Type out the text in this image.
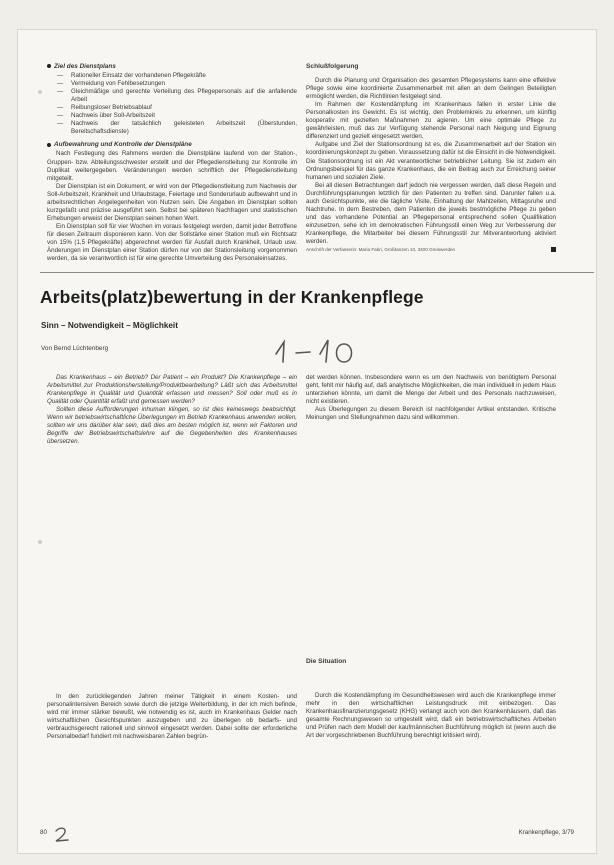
Ziel des Dienstplans
— Rationeller Einsatz der vorhandenen Pflegekräfte
— Vermeidung von Fehlbesetzungen
— Gleichmäßige und gerechte Verteilung des Pflegepersonals auf die anfallende Arbeit
— Reibungsloser Betriebsablauf
— Nachweis über Soll-Arbeitszeit
— Nachweis der tatsächlich geleisteten Arbeitszeit (Überstunden, Bereitschaftsdienste)
Aufbewahrung und Kontrolle der Dienstpläne

Nach Festlegung des Rahmens werden die Dienstpläne laufend von der Station-, Gruppen- bzw. Abteilungsschwester erstellt und der Pflegedienstleitung zur Kontrolle im Duplikat weitergegeben. Veränderungen werden schriftlich der Pflegedienstleitung mitgeteilt.

Der Dienstplan ist ein Dokument, er wird von der Pflegedienstleitung zum Nachweis der Soll-Arbeitszeit, Krankheit und Urlaubstage, Feiertage und Sonderurlaub aufbewahrt und in arbeitsrechtlichen Angelegenheiten von Nutzen sein. Die Angaben im Dienstplan sollten kurzgefaßt und präzise ausgeführt sein. Selbst bei späteren Nachfragen und statistischen Erhebungen erweist der Dienstplan seinen hohen Wert.

Ein Dienstplan soll für vier Wochen im voraus festgelegt werden, damit jeder Betroffene für diesen Zeitraum disponieren kann. Von der Sollstärke einer Station muß ein Richtsatz von 15% (1,5 Pflegekräfte) abgerechnet werden für Ausfall durch Krankheit, Urlaub usw. Änderungen im Dienstplan einer Station dürfen nur von der Stationsleitung vorgenommen werden, da sie verantwortlich ist für eine gerechte Umverteilung des Personaleinsatzes.

Schlußfolgerung

Durch die Planung und Organisation des gesamten Pflegesystems kann eine effektive Pflege sowie eine koordinierte Zusammenarbeit mit allen an dem Gelingen Beteiligten ermöglicht werden, die Richtlinien festgelegt sind.

Im Rahmen der Kostendämpfung im Krankenhaus fallen in erster Linie die Personalkosten ins Gewicht. Es ist wichtig, den Problemkreis zu erkennen, um künftig kooperativ mit gezielten Maßnahmen zu agieren. Um eine optimale Pflege zu gewährleisten, muß das zur Verfügung stehende Personal nach Neigung und Eignung differenziert und gezielt eingesetzt werden.

Aufgabe und Ziel der Stationsordnung ist es, die Zusammenarbeit auf der Station ein koordinierungskonzept zu geben. Voraussetzung dafür ist die Einsicht in die Notwendigkeit. Die Stationsordnung ist ein Akt verantwortlicher betrieblicher Leitung. Sie ist zudem ein Ordnungsbeispiel für das ganze Krankenhaus, die ein Beitrag auch zur Erreichung seiner humanen und sozialen Ziele.

Bei all diesen Betrachtungen darf jedoch nie vergessen werden, daß diese Regeln und Durchführungsplanungen letztlich für den Patienten zu treffen sind. Darunter fallen u.a. auch Gesichtspunkte, wie die tägliche Visite, Einhaltung der Mahlzeiten, Mittagsruhe und Nachtruhe. In dem Bestreben, dem Patienten die jeweils bestmögliche Pflege zu geben und das vorhandene Potential an Pflegepersonal entsprechend sollen Qualifikation einzusetzen, sehe ich im demokratischen Führungsstil einen Weg zur Verbesserung der Krankenpflege, die Mitarbeiter bei diesem Führungsstil zur Mitverantwortung aktiviert werden.

Anschrift der Verfasserin: Maria Fabri, Großtanzen 10, 3400 Greiswerden

Arbeits(platz)bewertung in der Krankenpflege
Sinn – Notwendigkeit – Möglichkeit
Von Bernd Lüchtenberg
1 - 10

Das Krankenhaus – ein Betrieb? Der Patient – ein Produkt? Die Krankenpflege – ein Arbeitsmittel zur Produktionsherstellung/Produktbearbeitung? Läßt sich das Arbeitsmittel Krankenpflege in Qualität und Quantität erfassen und messen? Soll oder muß es in Qualität oder Quantität erfaßt und gemessen werden?

Sollten diese Aufforderungen inhuman klingen, so ist dies keineswegs beabsichtigt. Wenn wir betriebswirtschaftliche Überlegungen im Betrieb Krankenhaus anwenden wollen, sollten wir uns darüber klar sein, daß dies am besten möglich ist, wenn wir Faktoren und Begriffe der Betriebswirtschaftslehre auf die Gegebenheiten des Krankenhauses übersetzen.

In den zurückliegenden Jahren meiner Tätigkeit in einem Kosten- und personalintensiven Bereich sowie durch die jetzige Weiterbildung, in der ich mich befinde, wird mir immer stärker bewußt, wie notwendig es ist, auch im Krankenhaus Gelder nach wirtschaftlichen Gesichtspunkten auszugeben und zu überlegen ob bedarfs- und verbrauchsgerecht rationell und sinnvoll eingesetzt werden. Dabei sollte der erforderliche Personalbedarf fundiert mit nachweisbaren Zahlen begrün-

det werden können. Insbesondere wenn es um den Nachweis von benötigtem Personal geht, fehlt mir häufig auf, daß analytische Möglichkeiten, die man individuell in jedem Haus unterziehen könnte, um damit die Menge der Arbeit und des Personals nachzuweisen, nicht existieren.

Aus Überlegungen zu diesem Bereich ist nachfolgender Artikel entstanden. Kritische Meinungen und Stellungnahmen dazu sind willkommen.

Die Situation

Durch die Kostendämpfung im Gesundheitswesen wird auch die Krankenpflege immer mehr in den wirtschaftlichen Leistungsdruck mit einbezogen. Das Krankenhausfinanzierungsgesetz (KHG) verlangt auch von den Krankenhäusern, daß das gesamte Rechnungswesen so umgestellt wird, daß ein betriebswirtschaftliches Arbeiten und Prüfen nach dem Modell der kaufmännischen Buchführung möglich ist (wenn auch die Art der vorgeschriebenen Buchführung berechtigt kritisiert wird).

80
2
Krankenpflege, 3/79
